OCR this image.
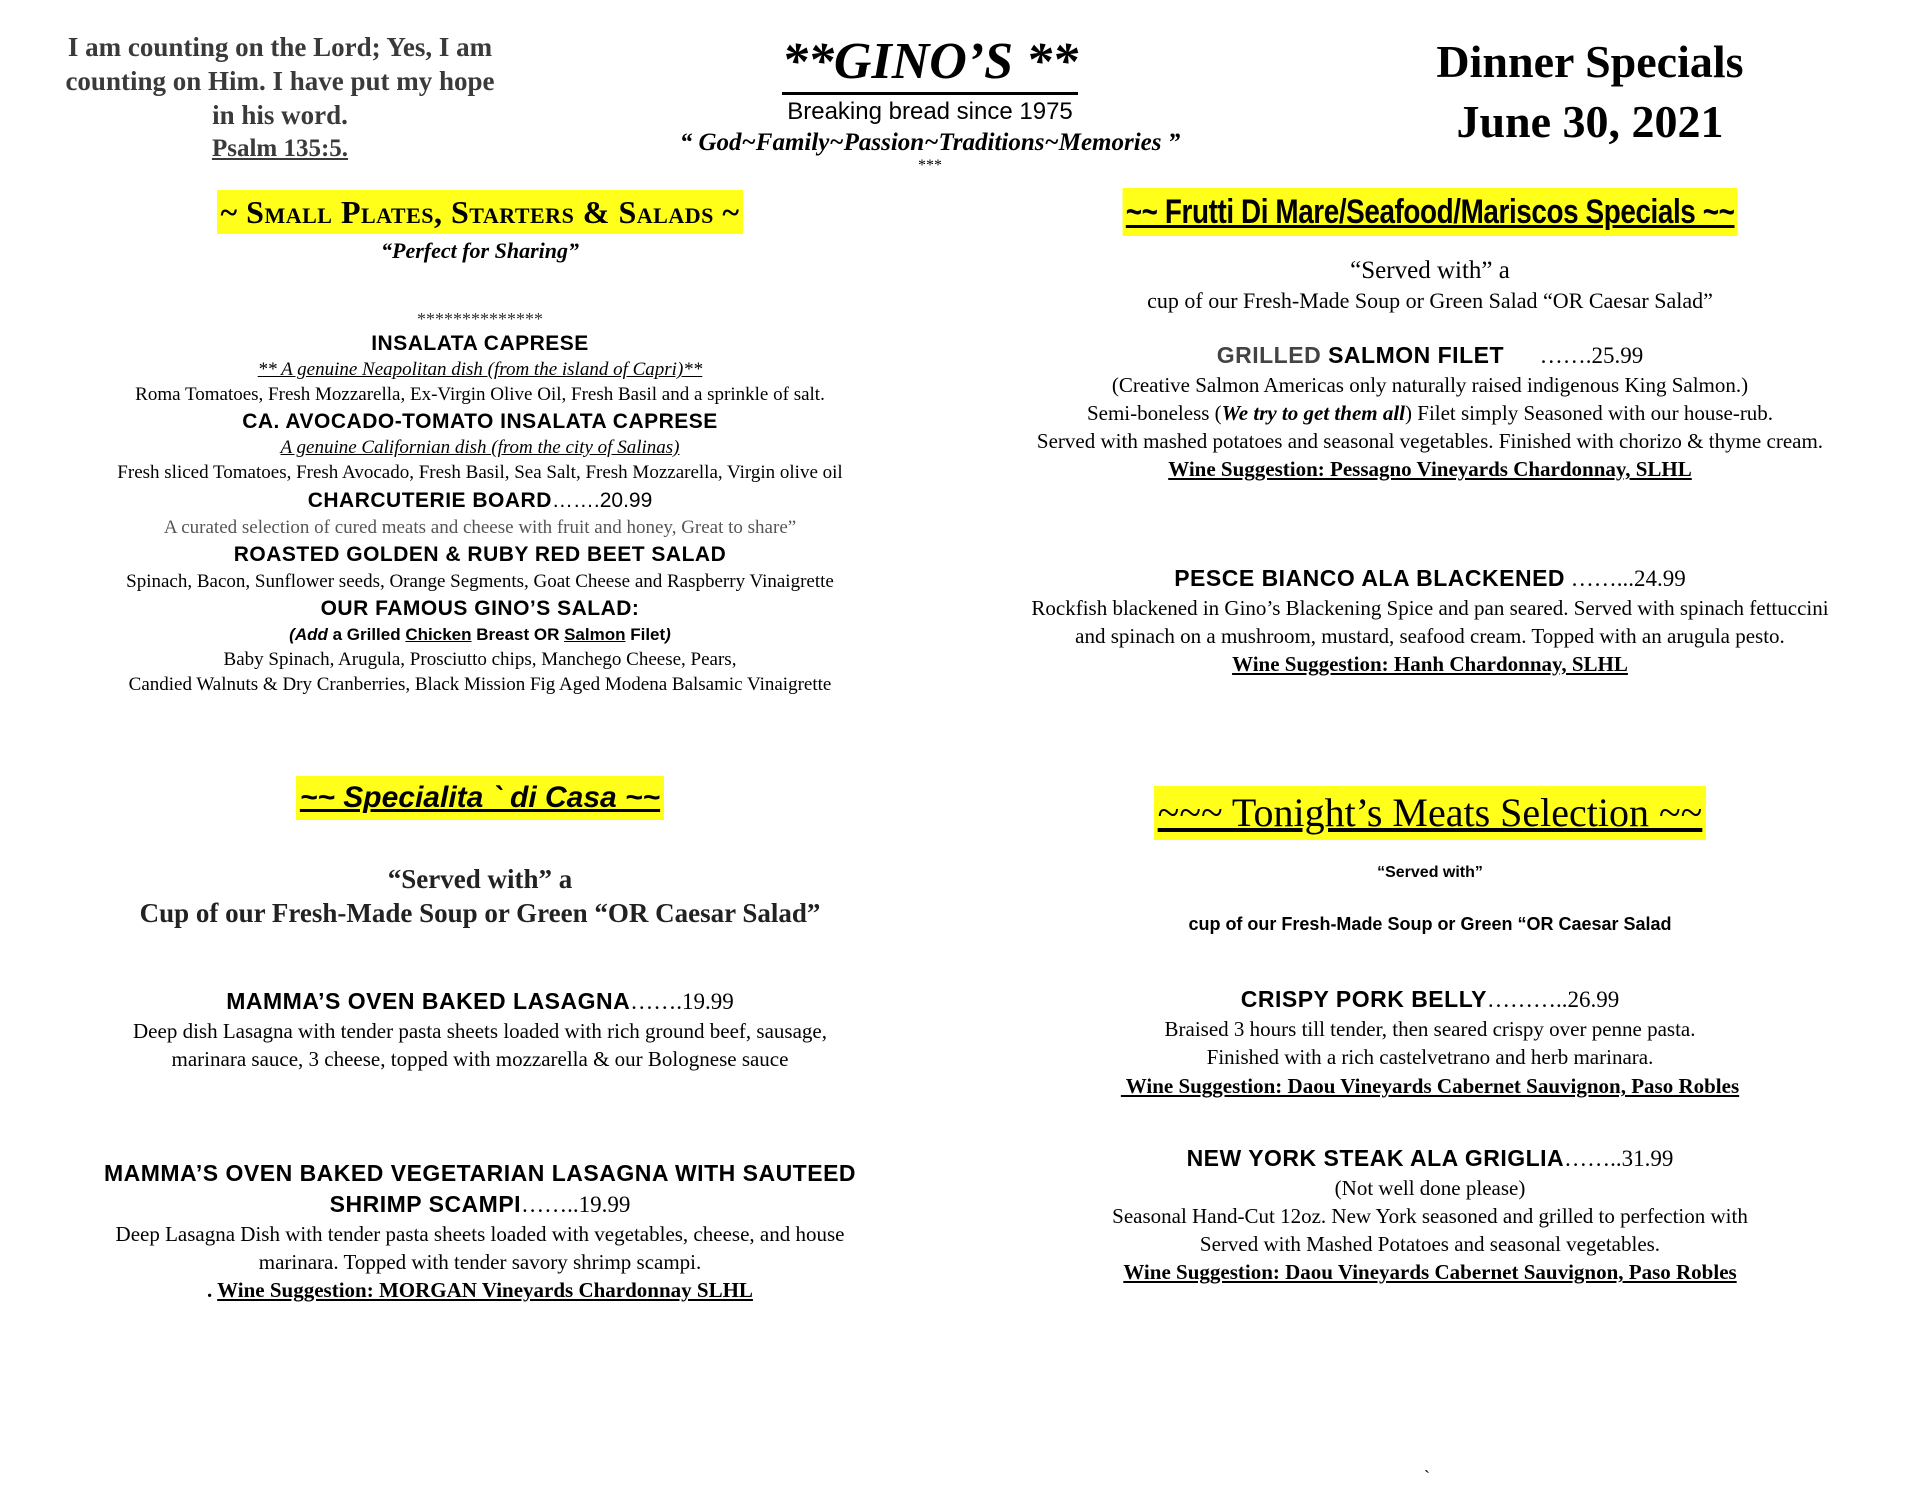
I am counting on the Lord; Yes, I am
counting on Him. I have put my hope
in his word.
Psalm 135:5.
**GINO’S **
Breaking bread since 1975
“ God~Family~Passion~Traditions~Memories ”
***
Dinner Specials
June 30, 2021
~ Small Plates, Starters & Salads ~
“Perfect for Sharing”
**************
INSALATA CAPRESE
** A genuine Neapolitan dish (from the island of Capri)**
Roma Tomatoes, Fresh Mozzarella, Ex-Virgin Olive Oil, Fresh Basil and a sprinkle of salt.
CA. AVOCADO-TOMATO INSALATA CAPRESE
A genuine Californian dish (from the city of Salinas)
Fresh sliced Tomatoes, Fresh Avocado, Fresh Basil, Sea Salt, Fresh Mozzarella, Virgin olive oil
CHARCUTERIE BOARD…….20.99
A curated selection of cured meats and cheese with fruit and honey, Great to share”
ROASTED GOLDEN & RUBY RED BEET SALAD
Spinach, Bacon, Sunflower seeds, Orange Segments, Goat Cheese and Raspberry Vinaigrette
OUR FAMOUS GINO’S SALAD:
(Add a Grilled Chicken Breast OR Salmon Filet)
Baby Spinach, Arugula, Prosciutto chips, Manchego Cheese, Pears,
Candied Walnuts & Dry Cranberries, Black Mission Fig Aged Modena Balsamic Vinaigrette
~~ Frutti Di Mare/Seafood/Mariscos Specials ~~
“Served with” a
cup of our Fresh-Made Soup or Green Salad “OR Caesar Salad”
GRILLED SALMON FILET …….25.99
(Creative Salmon Americas only naturally raised indigenous King Salmon.)
Semi-boneless (We try to get them all) Filet simply Seasoned with our house-rub.
Served with mashed potatoes and seasonal vegetables. Finished with chorizo & thyme cream.
Wine Suggestion: Pessagno Vineyards Chardonnay, SLHL
PESCE BIANCO ALA BLACKENED ……...24.99
Rockfish blackened in Gino’s Blackening Spice and pan seared. Served with spinach fettuccini
and spinach on a mushroom, mustard, seafood cream. Topped with an arugula pesto.
Wine Suggestion: Hanh Chardonnay, SLHL
~~ Specialita ` di Casa ~~
“Served with” a
Cup of our Fresh-Made Soup or Green “OR Caesar Salad”
MAMMA’S OVEN BAKED LASAGNA…….19.99
Deep dish Lasagna with tender pasta sheets loaded with rich ground beef, sausage,
marinara sauce, 3 cheese, topped with mozzarella & our Bolognese sauce
MAMMA’S OVEN BAKED VEGETARIAN LASAGNA WITH SAUTEED
SHRIMP SCAMPI……..19.99
Deep Lasagna Dish with tender pasta sheets loaded with vegetables, cheese, and house
marinara. Topped with tender savory shrimp scampi.
. Wine Suggestion: MORGAN Vineyards Chardonnay SLHL
~~~ Tonight’s Meats Selection ~~
“Served with”
cup of our Fresh-Made Soup or Green “OR Caesar Salad
CRISPY PORK BELLY………..26.99
Braised 3 hours till tender, then seared crispy over penne pasta.
Finished with a rich castelvetrano and herb marinara.
Wine Suggestion: Daou Vineyards Cabernet Sauvignon, Paso Robles
NEW YORK STEAK ALA GRIGLIA……..31.99
(Not well done please)
Seasonal Hand-Cut 12oz. New York seasoned and grilled to perfection with
Served with Mashed Potatoes and seasonal vegetables.
Wine Suggestion: Daou Vineyards Cabernet Sauvignon, Paso Robles
`
